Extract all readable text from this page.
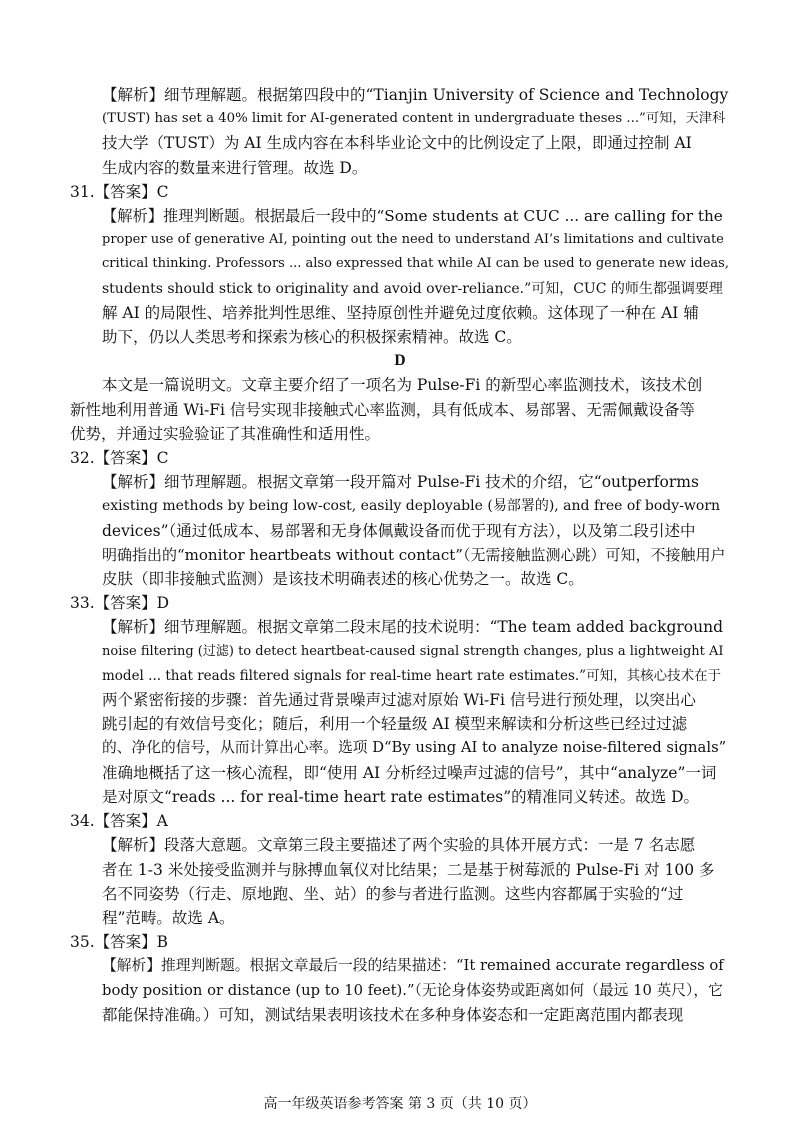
【解析】细节理解题。根据第四段中的“Tianjin University of Science and Technology
(TUST) has set a 40% limit for AI-generated content in undergraduate theses ...”可知，天津科
技大学（TUST）为 AI 生成内容在本科毕业论文中的比例设定了上限，即通过控制 AI
生成内容的数量来进行管理。故选 D。
31.【答案】C
【解析】推理判断题。根据最后一段中的“Some students at CUC ... are calling for the
proper use of generative AI, pointing out the need to understand AI’s limitations and cultivate
critical thinking. Professors ... also expressed that while AI can be used to generate new ideas,
students should stick to originality and avoid over-reliance.”可知，CUC 的师生都强调要理
解 AI 的局限性、培养批判性思维、坚持原创性并避免过度依赖。这体现了一种在 AI 辅
助下，仍以人类思考和探索为核心的积极探索精神。故选 C。
D
本文是一篇说明文。文章主要介绍了一项名为 Pulse-Fi 的新型心率监测技术，该技术创
新性地利用普通 Wi-Fi 信号实现非接触式心率监测，具有低成本、易部署、无需佩戴设备等
优势，并通过实验验证了其准确性和适用性。
32.【答案】C
【解析】细节理解题。根据文章第一段开篇对 Pulse-Fi 技术的介绍，它“outperforms
existing methods by being low-cost, easily deployable (易部署的), and free of body-worn
devices”（通过低成本、易部署和无身体佩戴设备而优于现有方法），以及第二段引述中
明确指出的“monitor heartbeats without contact”（无需接触监测心跳）可知，不接触用户
皮肤（即非接触式监测）是该技术明确表述的核心优势之一。故选 C。
33.【答案】D
【解析】细节理解题。根据文章第二段末尾的技术说明：“The team added background
noise filtering (过滤) to detect heartbeat-caused signal strength changes, plus a lightweight AI
model ... that reads filtered signals for real-time heart rate estimates.”可知，其核心技术在于
两个紧密衔接的步骤：首先通过背景噪声过滤对原始 Wi-Fi 信号进行预处理，以突出心
跳引起的有效信号变化；随后，利用一个轻量级 AI 模型来解读和分析这些已经过过滤
的、净化的信号，从而计算出心率。选项 D“By using AI to analyze noise-filtered signals”
准确地概括了这一核心流程，即“使用 AI 分析经过噪声过滤的信号”，其中“analyze”一词
是对原文“reads ... for real-time heart rate estimates”的精准同义转述。故选 D。
34.【答案】A
【解析】段落大意题。文章第三段主要描述了两个实验的具体开展方式：一是 7 名志愿
者在 1-3 米处接受监测并与脉搏血氧仪对比结果；二是基于树莓派的 Pulse-Fi 对 100 多
名不同姿势（行走、原地跑、坐、站）的参与者进行监测。这些内容都属于实验的“过
程”范畴。故选 A。
35.【答案】B
【解析】推理判断题。根据文章最后一段的结果描述：“It remained accurate regardless of
body position or distance (up to 10 feet).”（无论身体姿势或距离如何（最远 10 英尺），它
都能保持准确。）可知，测试结果表明该技术在多种身体姿态和一定距离范围内都表现
高一年级英语参考答案 第 3 页（共 10 页）
